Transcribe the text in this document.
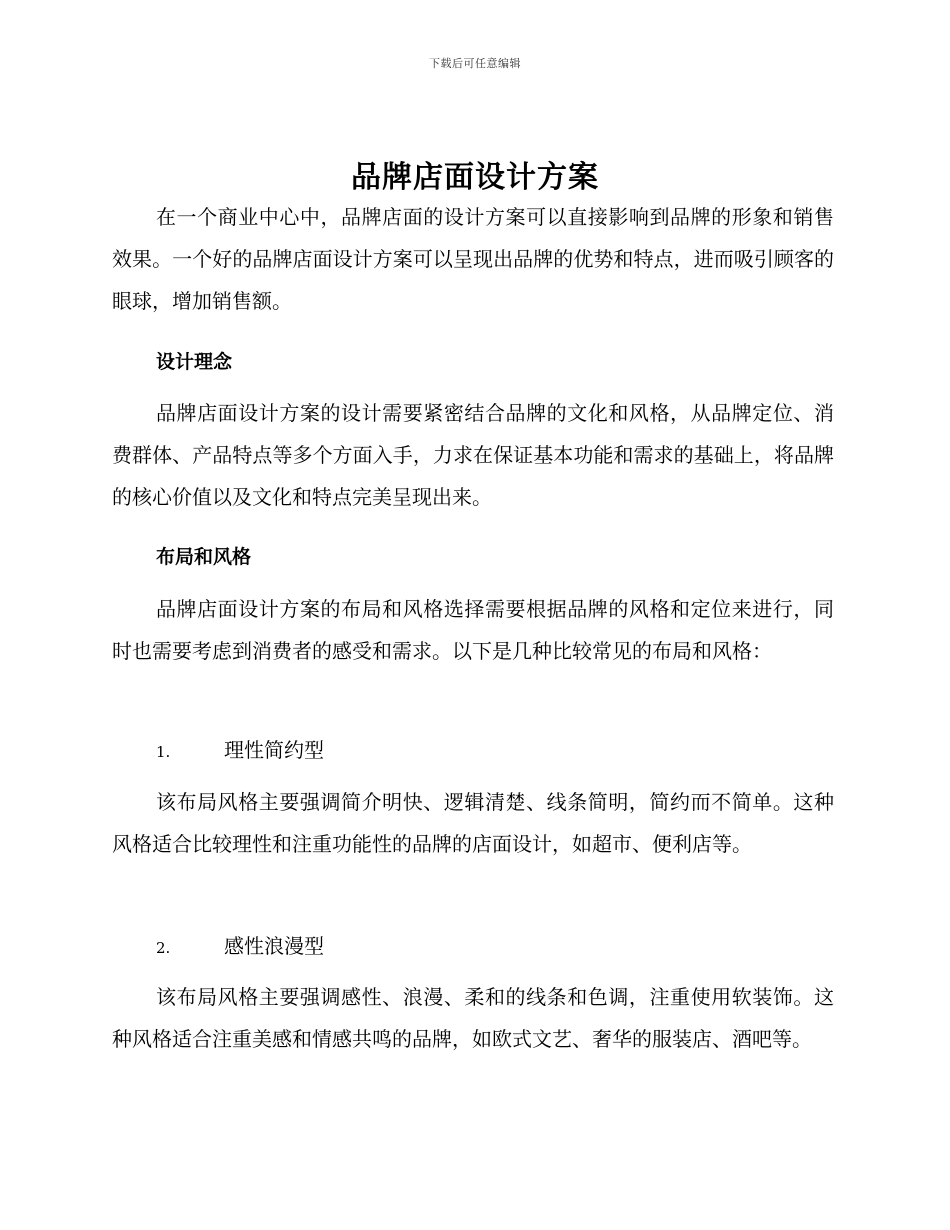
下载后可任意编辑
品牌店面设计方案

在一个商业中心中，品牌店面的设计方案可以直接影响到品牌的形象和销售效果。一个好的品牌店面设计方案可以呈现出品牌的优势和特点，进而吸引顾客的眼球，增加销售额。

设计理念

品牌店面设计方案的设计需要紧密结合品牌的文化和风格，从品牌定位、消费群体、产品特点等多个方面入手，力求在保证基本功能和需求的基础上，将品牌的核心价值以及文化和特点完美呈现出来。

布局和风格

品牌店面设计方案的布局和风格选择需要根据品牌的风格和定位来进行，同时也需要考虑到消费者的感受和需求。以下是几种比较常见的布局和风格：

1.	理性简约型

该布局风格主要强调简介明快、逻辑清楚、线条简明，简约而不简单。这种风格适合比较理性和注重功能性的品牌的店面设计，如超市、便利店等。

2.	感性浪漫型

该布局风格主要强调感性、浪漫、柔和的线条和色调，注重使用软装饰。这种风格适合注重美感和情感共鸣的品牌，如欧式文艺、奢华的服装店、酒吧等。
